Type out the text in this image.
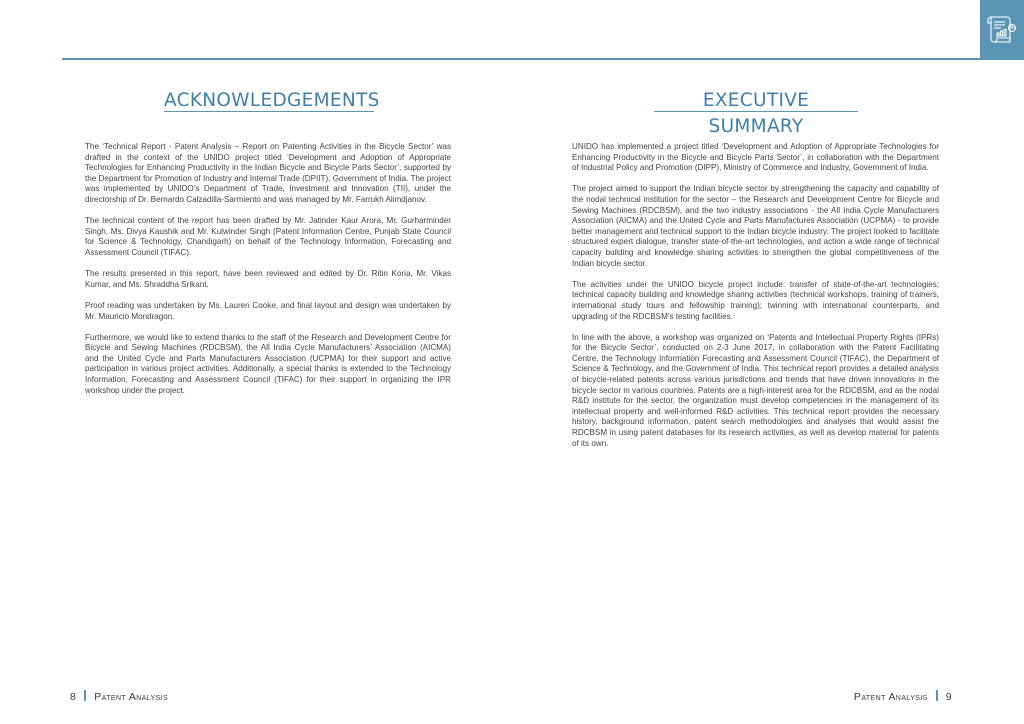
ACKNOWLEDGEMENTS	EXECUTIVE SUMMARY

The ‘Technical Report - Patent Analysis – Report on Patenting Activities in the Bicycle Sector’ was drafted in the context of the UNIDO project titled ‘Development and Adoption of Appropriate Technologies for Enhancing Productivity in the Indian Bicycle and Bicycle Parts Sector’, supported by the Department for Promotion of Industry and Internal Trade (DPIIT), Government of India. The project was implemented by UNIDO’s Department of Trade, Investment and Innovation (TII), under the directorship of Dr. Bernardo Calzadilla-Sarmiento and was managed by Mr. Farrukh Alimdjanov.

The technical content of the report has been drafted by Mr. Jatinder Kaur Arora, Mr. Gurharminder Singh, Ms. Divya Kaushik and Mr. Kulwinder Singh (Patent Information Centre, Punjab State Council for Science & Technology, Chandigarh) on behalf of the Technology Information, Forecasting and Assessment Council (TIFAC).

The results presented in this report, have been reviewed and edited by Dr. Ritin Koria, Mr. Vikas Kumar, and Ms. Shraddha Srikant.

Proof reading was undertaken by Ms. Lauren Cooke, and final layout and design was undertaken by Mr. Mauricio Mondragon.

Furthermore, we would like to extend thanks to the staff of the Research and Development Centre for Bicycle and Sewing Machines (RDCBSM), the All India Cycle Manufacturers’ Association (AICMA) and the United Cycle and Parts Manufacturers Association (UCPMA) for their support and active participation in various project activities. Additionally, a special thanks is extended to the Technology Information, Forecasting and Assessment Council (TIFAC) for their support in organizing the IPR workshop under the project.

UNIDO has implemented a project titled ‘Development and Adoption of Appropriate Technologies for Enhancing Productivity in the Bicycle and Bicycle Parts Sector’, in collaboration with the Department of Industrial Policy and Promotion (DIPP), Ministry of Commerce and Industry, Government of India.

The project aimed to support the Indian bicycle sector by strengthening the capacity and capability of the nodal technical institution for the sector – the Research and Development Centre for Bicycle and Sewing Machines (RDCBSM), and the two industry associations - the All India Cycle Manufacturers Association (AICMA) and the United Cycle and Parts Manufactures Association (UCPMA) - to provide better management and technical support to the Indian bicycle industry. The project looked to facilitate structured expert dialogue, transfer state-of-the-art technologies, and action a wide range of technical capacity building and knowledge sharing activities to strengthen the global competitiveness of the Indian bicycle sector.

The activities under the UNIDO bicycle project include: transfer of state-of-the-art technologies; technical capacity building and knowledge sharing activities (technical workshops, training of trainers, international study tours and fellowship training); twinning with international counterparts, and upgrading of the RDCBSM’s testing facilities.

In line with the above, a workshop was organized on ‘Patents and Intellectual Property Rights (IPRs) for the Bicycle Sector’, conducted on 2-3 June 2017, in collaboration with the Patent Facilitating Centre, the Technology Information Forecasting and Assessment Council (TIFAC), the Department of Science & Technology, and the Government of India. This technical report provides a detailed analysis of bicycle-related patents across various jurisdictions and trends that have driven innovations in the bicycle sector in various countries. Patents are a high-interest area for the RDCBSM, and as the nodal R&D institute for the sector, the organization must develop competencies in the management of its intellectual property and well-informed R&D activities. This technical report provides the necessary history, background information, patent search methodologies and analyses that would assist the RDCBSM in using patent databases for its research activities, as well as develop material for patents of its own.

8 Patent Analysis	Patent Analysis 9
